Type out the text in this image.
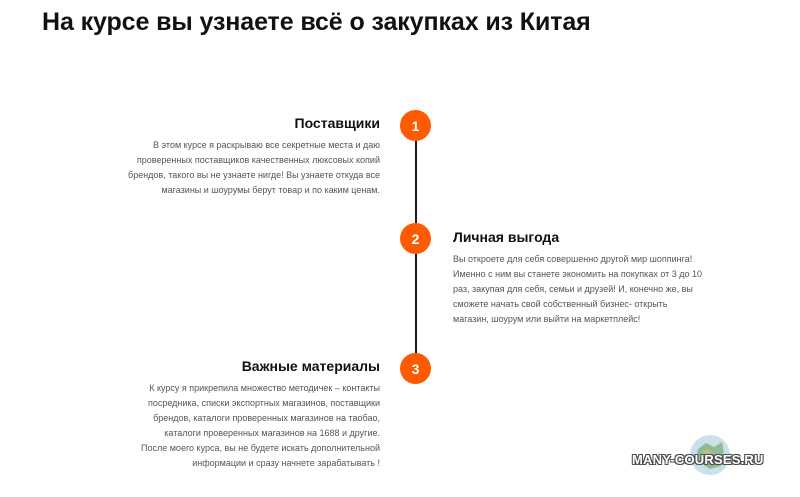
На курсе вы узнаете всё о закупках из Китая
1
Поставщики
В этом курсе я раскрываю все секретные места и даю
проверенных поставщиков качественных люксовых копий
брендов, такого вы не узнаете нигде! Вы узнаете откуда все
магазины и шоурумы берут товар и по каким ценам.
2	Личная выгода
Вы откроете для себя совершенно другой мир шоппинга!
Именно с ним вы станете экономить на покупках от 3 до 10
раз, закупая для себя, семьи и друзей! И, конечно же, вы
сможете начать свой собственный бизнес- открыть
магазин, шоурум или выйти на маркетплейс!
3
Важные материалы
К курсу я прикрепила множество методичек – контакты
посредника, списки экспортных магазинов, поставщики
брендов, каталоги проверенных магазинов на таобао,
каталоги проверенных магазинов на 1688 и другие.
После моего курса, вы не будете искать дополнительной
информации и сразу начнете зарабатывать !	MANY-COURSES.RU
